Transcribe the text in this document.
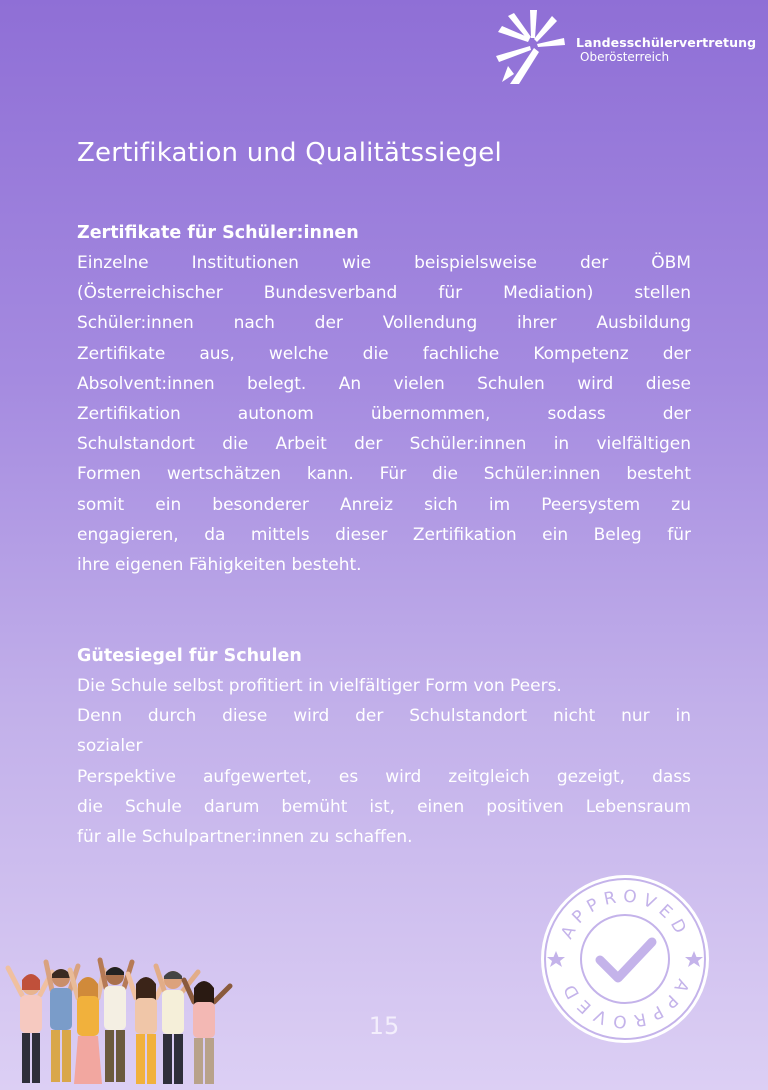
Landesschülervertretung
Oberösterreich
Zertifikation und Qualitätssiegel
Zertifikate für Schüler:innen

Einzelne Institutionen wie beispielsweise der ÖBM

(Österreichischer Bundesverband für Mediation) stellen

Schüler:innen nach der Vollendung ihrer Ausbildung

Zertifikate aus, welche die fachliche Kompetenz der

Absolvent:innen belegt. An vielen Schulen wird diese

Zertifikation autonom übernommen, sodass der

Schulstandort die Arbeit der Schüler:innen in vielfältigen

Formen wertschätzen kann. Für die Schüler:innen besteht

somit ein besonderer Anreiz sich im Peersystem zu

engagieren, da mittels dieser Zertifikation ein Beleg für

ihre eigenen Fähigkeiten besteht.

Gütesiegel für Schulen

Die Schule selbst profitiert in vielfältiger Form von Peers.

Denn durch diese wird der Schulstandort nicht nur in

sozialer

Perspektive aufgewertet, es wird zeitgleich gezeigt, dass

die Schule darum bemüht ist, einen positiven Lebensraum

für alle Schulpartner:innen zu schaffen.

APPROVED
APPROVED
15
